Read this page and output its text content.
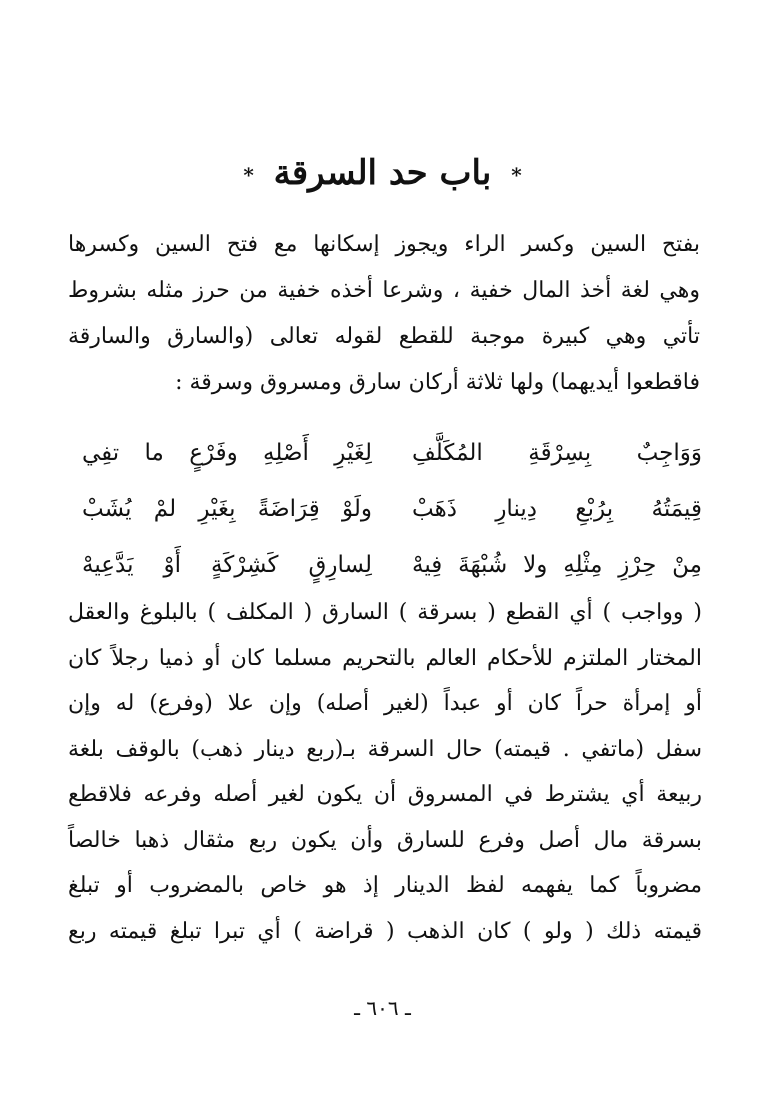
* باب حد السرقة *
بفتح السين وكسر الراء ويجوز إسكانها مع فتح السين وكسرها
وهي لغة أخذ المال خفية ، وشرعا أخذه خفية من حرز مثله بشروط
تأتي وهي كبيرة موجبة للقطع لقوله تعالى (والسارق والسارقة
فاقطعوا أيديهما) ولها ثلاثة أركان سارق ومسروق وسرقة :
وَوَاجِبٌ بِسِرْقَةِ المُكَلَّفِ
لِغَيْرِ أَصْلِهِ وفَرْعٍ ما تفِي
قِيمَتُهُ بِرُبْعِ دِينارِ ذَهَبْ
ولَوْ قِرَاضَةً بِغَيْرِ لمْ يُشَبْ
مِنْ حِرْزِ مِثْلِهِ ولا شُبْهَةَ فِيهْ
لِسارِقٍ كَشِرْكَةٍ أَوْ يَدَّعِيهْ
( وواجب ) أي القطع ( بسرقة ) السارق ( المكلف ) بالبلوغ والعقل
المختار الملتزم للأحكام العالم بالتحريم مسلما كان أو ذميا رجلاً كان
أو إمرأة حراً كان أو عبداً (لغير أصله) وإن علا (وفرع) له وإن
سفل (ماتفي . قيمته) حال السرقة بـ(ربع دينار ذهب) بالوقف بلغة
ربيعة أي يشترط في المسروق أن يكون لغير أصله وفرعه فلاقطع
بسرقة مال أصل وفرع للسارق وأن يكون ربع مثقال ذهبا خالصاً
مضروباً كما يفهمه لفظ الدينار إذ هو خاص بالمضروب أو تبلغ
قيمته ذلك ( ولو ) كان الذهب ( قراضة ) أي تبرا تبلغ قيمته ربع
ـ ٦٠٦ ـ
